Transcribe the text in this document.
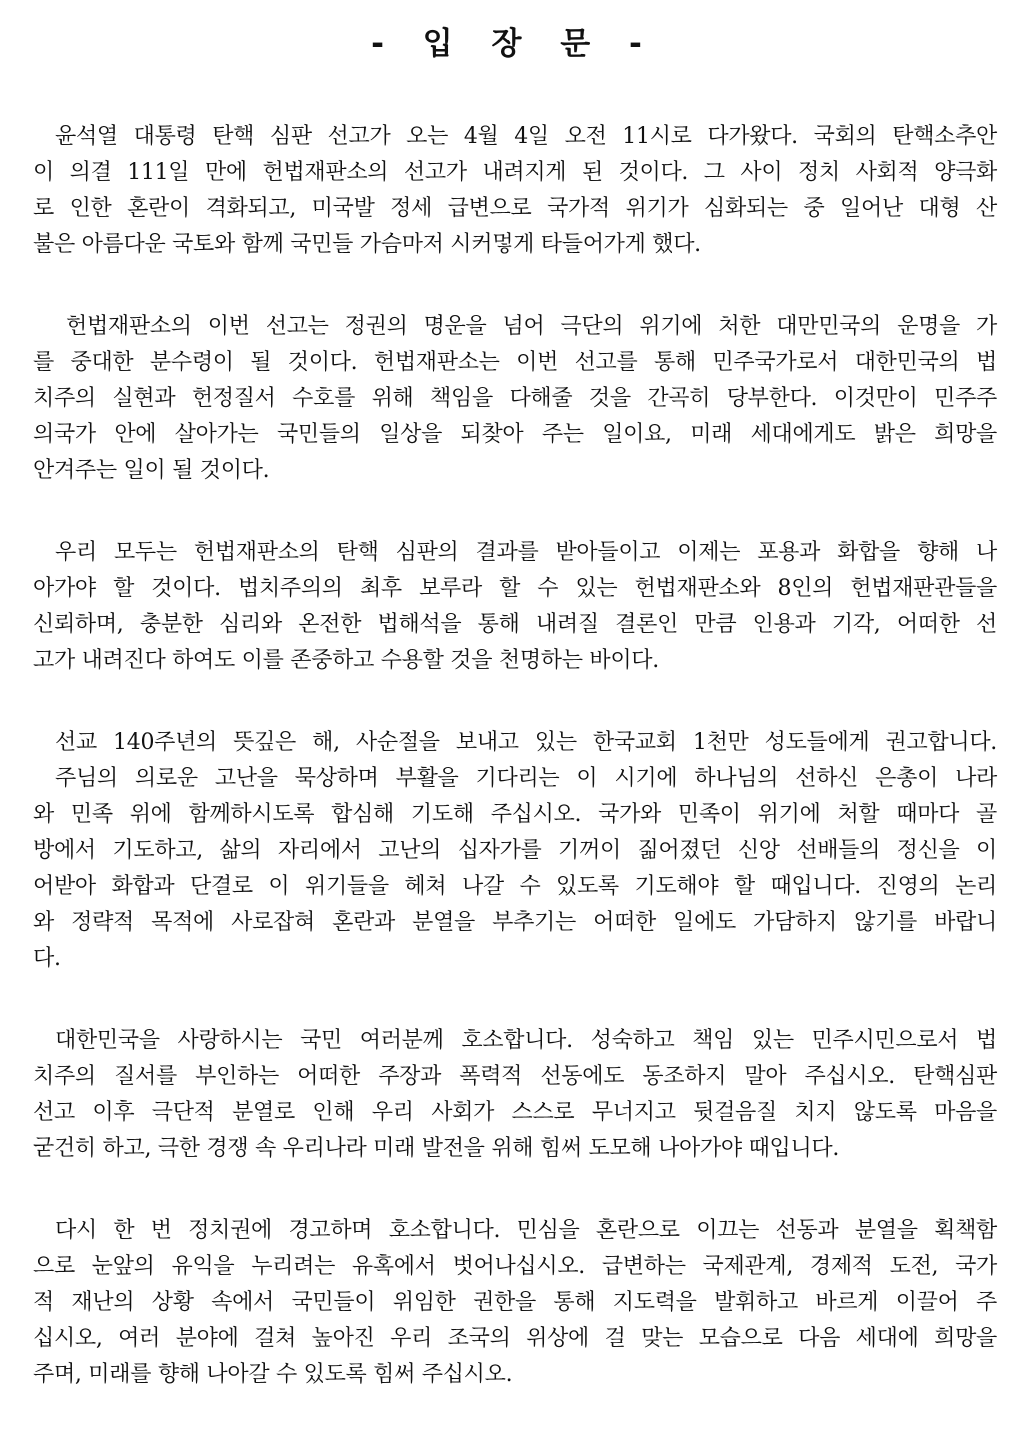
- 입 장 문 -

윤석열 대통령 탄핵 심판 선고가 오는 4월 4일 오전 11시로 다가왔다. 국회의 탄핵소추안
이 의결 111일 만에 헌법재판소의 선고가 내려지게 된 것이다. 그 사이 정치 사회적 양극화
로 인한 혼란이 격화되고, 미국발 정세 급변으로 국가적 위기가 심화되는 중 일어난 대형 산
불은 아름다운 국토와 함께 국민들 가슴마저 시커멓게 타들어가게 했다.

헌법재판소의 이번 선고는 정권의 명운을 넘어 극단의 위기에 처한 대만민국의 운명을 가
를 중대한 분수령이 될 것이다. 헌법재판소는 이번 선고를 통해 민주국가로서 대한민국의 법
치주의 실현과 헌정질서 수호를 위해 책임을 다해줄 것을 간곡히 당부한다. 이것만이 민주주
의국가 안에 살아가는 국민들의 일상을 되찾아 주는 일이요, 미래 세대에게도 밝은 희망을
안겨주는 일이 될 것이다.

우리 모두는 헌법재판소의 탄핵 심판의 결과를 받아들이고 이제는 포용과 화합을 향해 나
아가야 할 것이다. 법치주의의 최후 보루라 할 수 있는 헌법재판소와 8인의 헌법재판관들을
신뢰하며, 충분한 심리와 온전한 법해석을 통해 내려질 결론인 만큼 인용과 기각, 어떠한 선
고가 내려진다 하여도 이를 존중하고 수용할 것을 천명하는 바이다.

선교 140주년의 뜻깊은 해, 사순절을 보내고 있는 한국교회 1천만 성도들에게 권고합니다.
주님의 의로운 고난을 묵상하며 부활을 기다리는 이 시기에 하나님의 선하신 은총이 나라
와 민족 위에 함께하시도록 합심해 기도해 주십시오. 국가와 민족이 위기에 처할 때마다 골
방에서 기도하고, 삶의 자리에서 고난의 십자가를 기꺼이 짊어졌던 신앙 선배들의 정신을 이
어받아 화합과 단결로 이 위기들을 헤쳐 나갈 수 있도록 기도해야 할 때입니다. 진영의 논리
와 정략적 목적에 사로잡혀 혼란과 분열을 부추기는 어떠한 일에도 가담하지 않기를 바랍니
다.

대한민국을 사랑하시는 국민 여러분께 호소합니다. 성숙하고 책임 있는 민주시민으로서 법
치주의 질서를 부인하는 어떠한 주장과 폭력적 선동에도 동조하지 말아 주십시오. 탄핵심판
선고 이후 극단적 분열로 인해 우리 사회가 스스로 무너지고 뒷걸음질 치지 않도록 마음을
굳건히 하고, 극한 경쟁 속 우리나라 미래 발전을 위해 힘써 도모해 나아가야 때입니다.

다시 한 번 정치권에 경고하며 호소합니다. 민심을 혼란으로 이끄는 선동과 분열을 획책함
으로 눈앞의 유익을 누리려는 유혹에서 벗어나십시오. 급변하는 국제관계, 경제적 도전, 국가
적 재난의 상황 속에서 국민들이 위임한 권한을 통해 지도력을 발휘하고 바르게 이끌어 주
십시오, 여러 분야에 걸쳐 높아진 우리 조국의 위상에 걸 맞는 모습으로 다음 세대에 희망을
주며, 미래를 향해 나아갈 수 있도록 힘써 주십시오.
